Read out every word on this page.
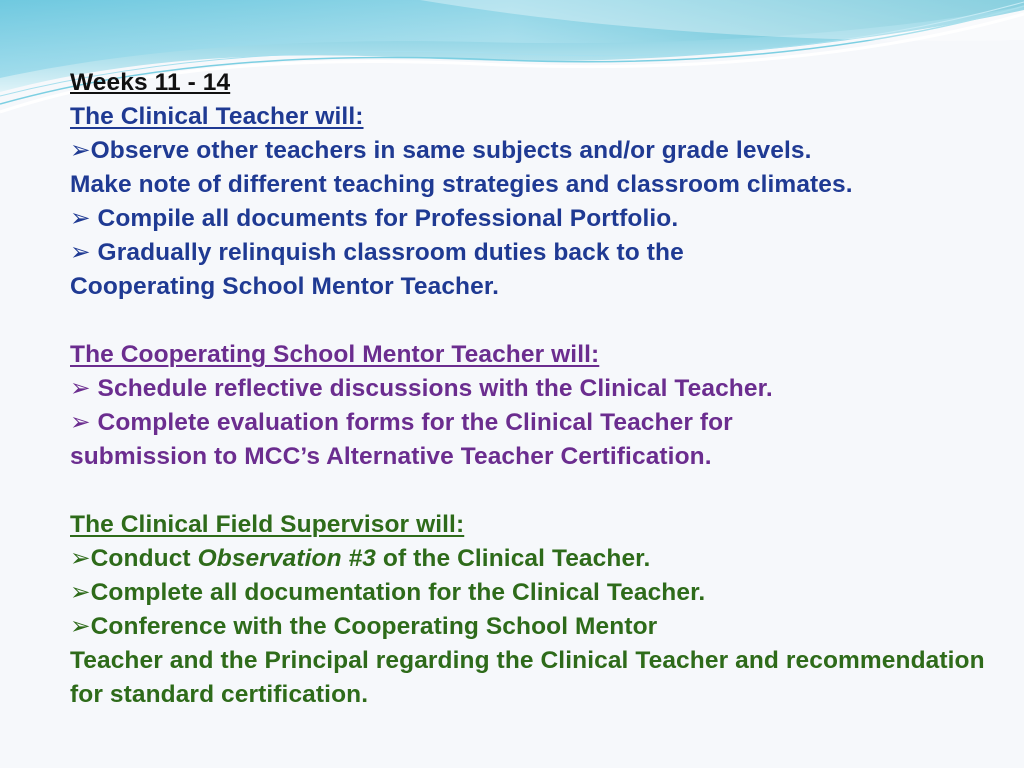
Weeks 11 - 14

The Clinical Teacher will:

➢Observe other teachers in same subjects and/or grade levels.

Make note of different teaching strategies and classroom climates.

➢ Compile all documents for Professional Portfolio.

➢ Gradually relinquish classroom duties back to the

Cooperating School Mentor Teacher.

The Cooperating School Mentor Teacher will:

➢ Schedule reflective discussions with the Clinical Teacher.

➢ Complete evaluation forms for the Clinical Teacher for

submission to MCC’s Alternative Teacher Certification.

The Clinical Field Supervisor will:

➢Conduct Observation #3 of the Clinical Teacher.

➢Complete all documentation for the Clinical Teacher.

➢Conference with the Cooperating School Mentor

Teacher and the Principal regarding the Clinical Teacher and recommendation for standard certification.
